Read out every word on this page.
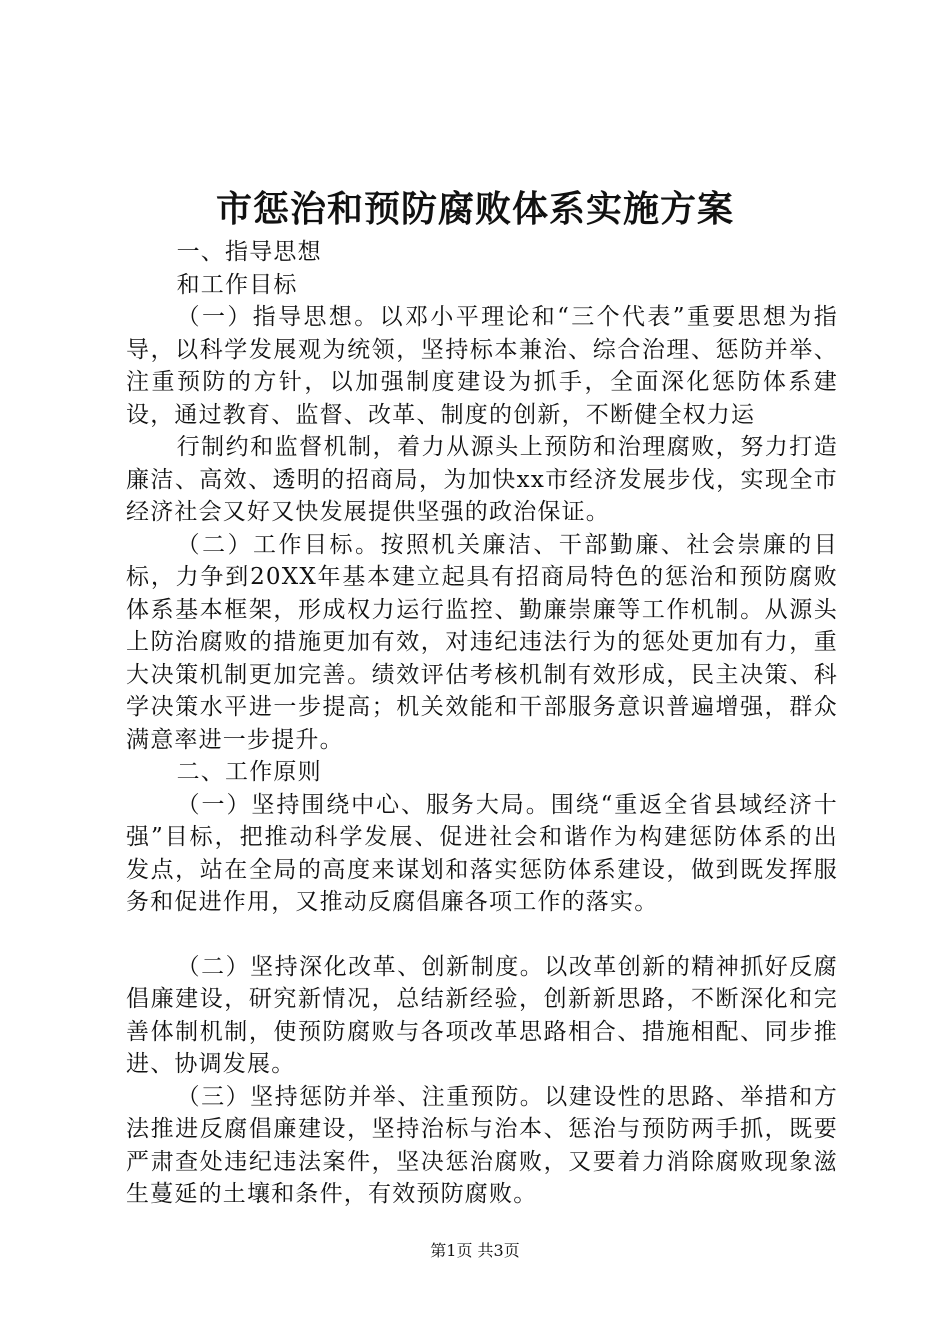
市惩治和预防腐败体系实施方案

一、指导思想

和工作目标

（一）指导思想。以邓小平理论和“三个代表”重要思想为指导，以科学发展观为统领，坚持标本兼治、综合治理、惩防并举、注重预防的方针，以加强制度建设为抓手，全面深化惩防体系建设，通过教育、监督、改革、制度的创新，不断健全权力运

行制约和监督机制，着力从源头上预防和治理腐败，努力打造廉洁、高效、透明的招商局，为加快xx市经济发展步伐，实现全市经济社会又好又快发展提供坚强的政治保证。

（二）工作目标。按照机关廉洁、干部勤廉、社会崇廉的目标，力争到20XX年基本建立起具有招商局特色的惩治和预防腐败体系基本框架，形成权力运行监控、勤廉崇廉等工作机制。从源头上防治腐败的措施更加有效，对违纪违法行为的惩处更加有力，重大决策机制更加完善。绩效评估考核机制有效形成，民主决策、科学决策水平进一步提高；机关效能和干部服务意识普遍增强，群众满意率进一步提升。

二、工作原则

（一）坚持围绕中心、服务大局。围绕“重返全省县域经济十强”目标，把推动科学发展、促进社会和谐作为构建惩防体系的出发点，站在全局的高度来谋划和落实惩防体系建设，做到既发挥服务和促进作用，又推动反腐倡廉各项工作的落实。

（二）坚持深化改革、创新制度。以改革创新的精神抓好反腐倡廉建设，研究新情况，总结新经验，创新新思路，不断深化和完善体制机制，使预防腐败与各项改革思路相合、措施相配、同步推进、协调发展。

（三）坚持惩防并举、注重预防。以建设性的思路、举措和方法推进反腐倡廉建设，坚持治标与治本、惩治与预防两手抓，既要严肃查处违纪违法案件，坚决惩治腐败，又要着力消除腐败现象滋生蔓延的土壤和条件，有效预防腐败。

第1页 共3页
